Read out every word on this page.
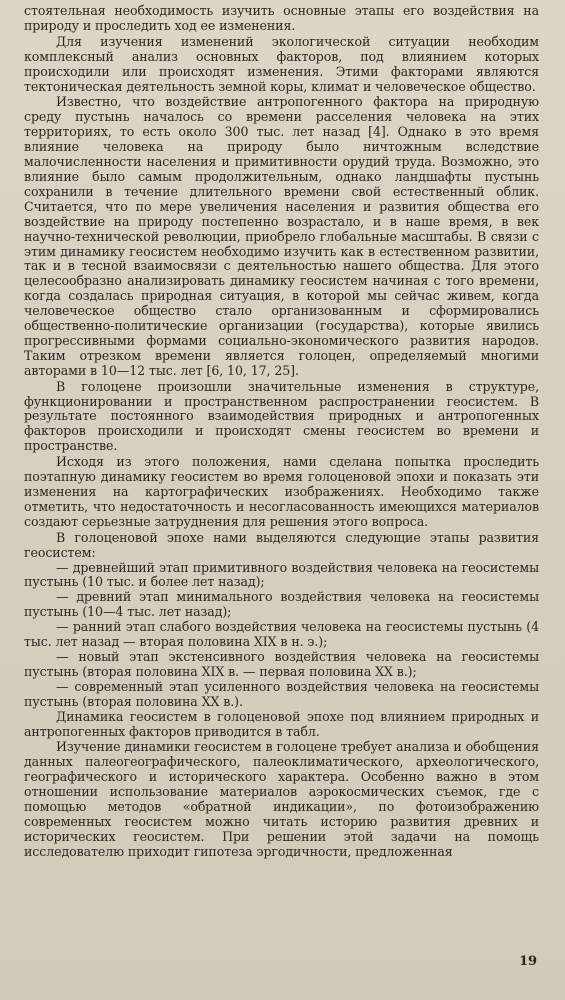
стоятельная необходимость изучить основные этапы его воздействия на природу и проследить ход ее изменения.

Для изучения изменений экологической ситуации необходим комплексный анализ основных факторов, под влиянием которых происходили или происходят изменения. Этими факторами являются тектоническая деятельность земной коры, климат и человеческое общество.

Известно, что воздействие антропогенного фактора на природную среду пустынь началось со времени расселения человека на этих территориях, то есть около 300 тыс. лет назад [4]. Однако в это время влияние человека на природу было ничтожным вследствие малочисленности населения и примитивности орудий труда. Возможно, это влияние было самым продолжительным, однако ландшафты пустынь сохранили в течение длительного времени свой естественный облик. Считается, что по мере увеличения населения и развития общества его воздействие на природу постепенно возрастало, и в наше время, в век научно-технической революции, приобрело глобальные масштабы. В связи с этим динамику геосистем необходимо изучить как в естественном развитии, так и в тесной взаимосвязи с деятельностью нашего общества. Для этого целесообразно анализировать динамику геосистем начиная с того времени, когда создалась природная ситуация, в которой мы сейчас живем, когда человеческое общество стало организованным и сформировались общественно-политические организации (государства), которые явились прогрессивными формами социально-экономического развития народов. Таким отрезком времени является голоцен, определяемый многими авторами в 10—12 тыс. лет [6, 10, 17, 25].

В голоцене произошли значительные изменения в структуре, функционировании и пространственном распространении геосистем. В результате постоянного взаимодействия природных и антропогенных факторов происходили и происходят смены геосистем во времени и пространстве.

Исходя из этого положения, нами сделана попытка проследить поэтапную динамику геосистем во время голоценовой эпохи и показать эти изменения на картографических изображениях. Необходимо также отметить, что недостаточность и несогласованность имеющихся материалов создают серьезные затруднения для решения этого вопроса.

В голоценовой эпохе нами выделяются следующие этапы развития геосистем:

— древнейший этап примитивного воздействия человека на геосистемы пустынь (10 тыс. и более лет назад);

— древний этап минимального воздействия человека на геосистемы пустынь (10—4 тыс. лет назад);

— ранний этап слабого воздействия человека на геосистемы пустынь (4 тыс. лет назад — вторая половина XIX в н. э.);

— новый этап экстенсивного воздействия человека на геосистемы пустынь (вторая половина XIX в. — первая половина XX в.);

— современный этап усиленного воздействия человека на геосистемы пустынь (вторая половина XX в.).

Динамика геосистем в голоценовой эпохе под влиянием природных и антропогенных факторов приводится в табл.

Изучение динамики геосистем в голоцене требует анализа и обобщения данных палеогеографического, палеоклиматического, археологического, географического и исторического характера. Особенно важно в этом отношении использование материалов аэрокосмических съемок, где с помощью методов «обратной индикации», по фотоизображению современных геосистем можно читать историю развития древних и исторических геосистем. При решении этой задачи на помощь исследователю приходит гипотеза эргодичности, предложенная

19
